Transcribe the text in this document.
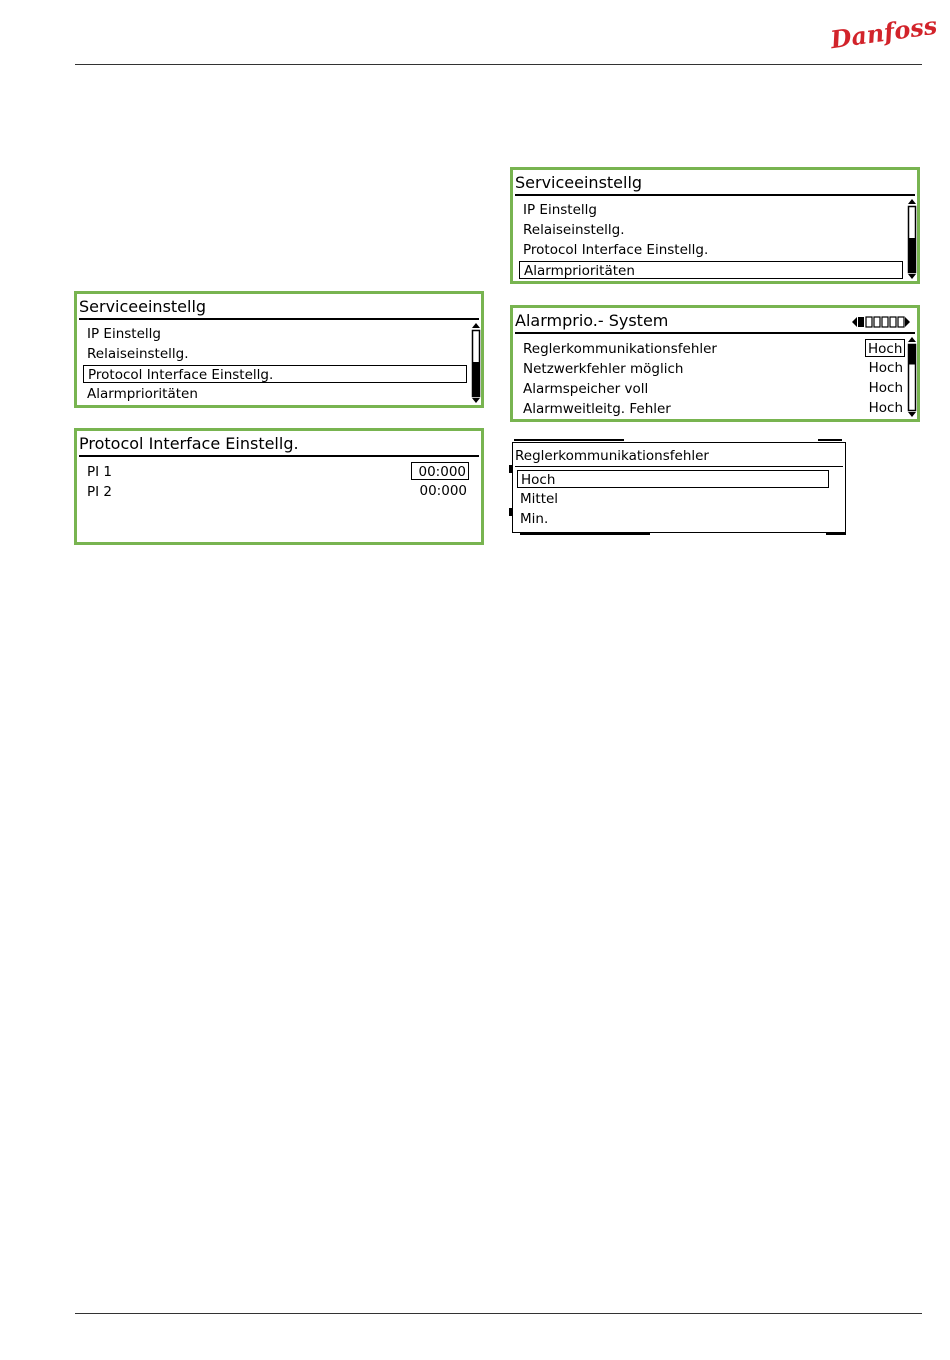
Danfoss
Serviceeinstellg
IP Einstellg
Relaiseinstellg.
Protocol Interface Einstellg.
Alarmprioritäten
Protocol Interface Einstellg.
PI 1	00:000
PI 2	00:000
Serviceeinstellg
IP Einstellg
Relaiseinstellg.
Protocol Interface Einstellg.
Alarmprioritäten
Alarmprio.- System
Reglerkommunikationsfehler	Hoch
Netzwerkfehler möglich	Hoch
Alarmspeicher voll	Hoch
Alarmweitleitg. Fehler	Hoch
Reglerkommunikationsfehler
Hoch
Mittel
Min.
